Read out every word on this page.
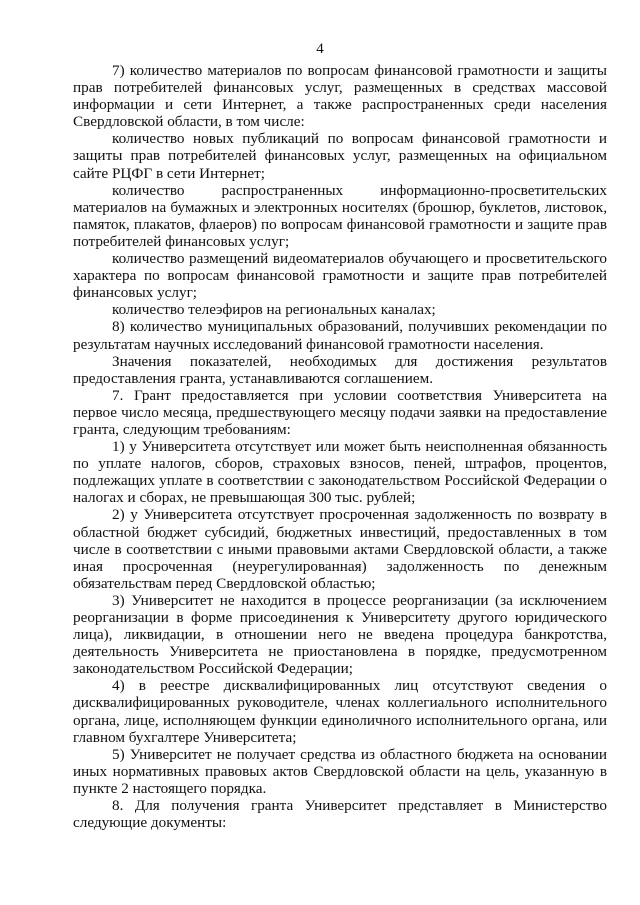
4

7) количество материалов по вопросам финансовой грамотности и защиты прав потребителей финансовых услуг, размещенных в средствах массовой информации и сети Интернет, а также распространенных среди населения Свердловской области, в том числе:

количество новых публикаций по вопросам финансовой грамотности и защиты прав потребителей финансовых услуг, размещенных на официальном сайте РЦФГ в сети Интернет;

количество распространенных информационно-просветительских материалов на бумажных и электронных носителях (брошюр, буклетов, листовок, памяток, плакатов, флаеров) по вопросам финансовой грамотности и защите прав потребителей финансовых услуг;

количество размещений видеоматериалов обучающего и просветительского характера по вопросам финансовой грамотности и защите прав потребителей финансовых услуг;

количество телеэфиров на региональных каналах;

8) количество муниципальных образований, получивших рекомендации по результатам научных исследований финансовой грамотности населения.

Значения показателей, необходимых для достижения результатов предоставления гранта, устанавливаются соглашением.

7. Грант предоставляется при условии соответствия Университета на первое число месяца, предшествующего месяцу подачи заявки на предоставление гранта, следующим требованиям:

1) у Университета отсутствует или может быть неисполненная обязанность по уплате налогов, сборов, страховых взносов, пеней, штрафов, процентов, подлежащих уплате в соответствии с законодательством Российской Федерации о налогах и сборах, не превышающая 300 тыс. рублей;

2) у Университета отсутствует просроченная задолженность по возврату в областной бюджет субсидий, бюджетных инвестиций, предоставленных в том числе в соответствии с иными правовыми актами Свердловской области, а также иная просроченная (неурегулированная) задолженность по денежным обязательствам перед Свердловской областью;

3) Университет не находится в процессе реорганизации (за исключением реорганизации в форме присоединения к Университету другого юридического лица), ликвидации, в отношении него не введена процедура банкротства, деятельность Университета не приостановлена в порядке, предусмотренном законодательством Российской Федерации;

4) в реестре дисквалифицированных лиц отсутствуют сведения о дисквалифицированных руководителе, членах коллегиального исполнительного органа, лице, исполняющем функции единоличного исполнительного органа, или главном бухгалтере Университета;

5) Университет не получает средства из областного бюджета на основании иных нормативных правовых актов Свердловской области на цель, указанную в пункте 2 настоящего порядка.

8. Для получения гранта Университет представляет в Министерство следующие документы:
